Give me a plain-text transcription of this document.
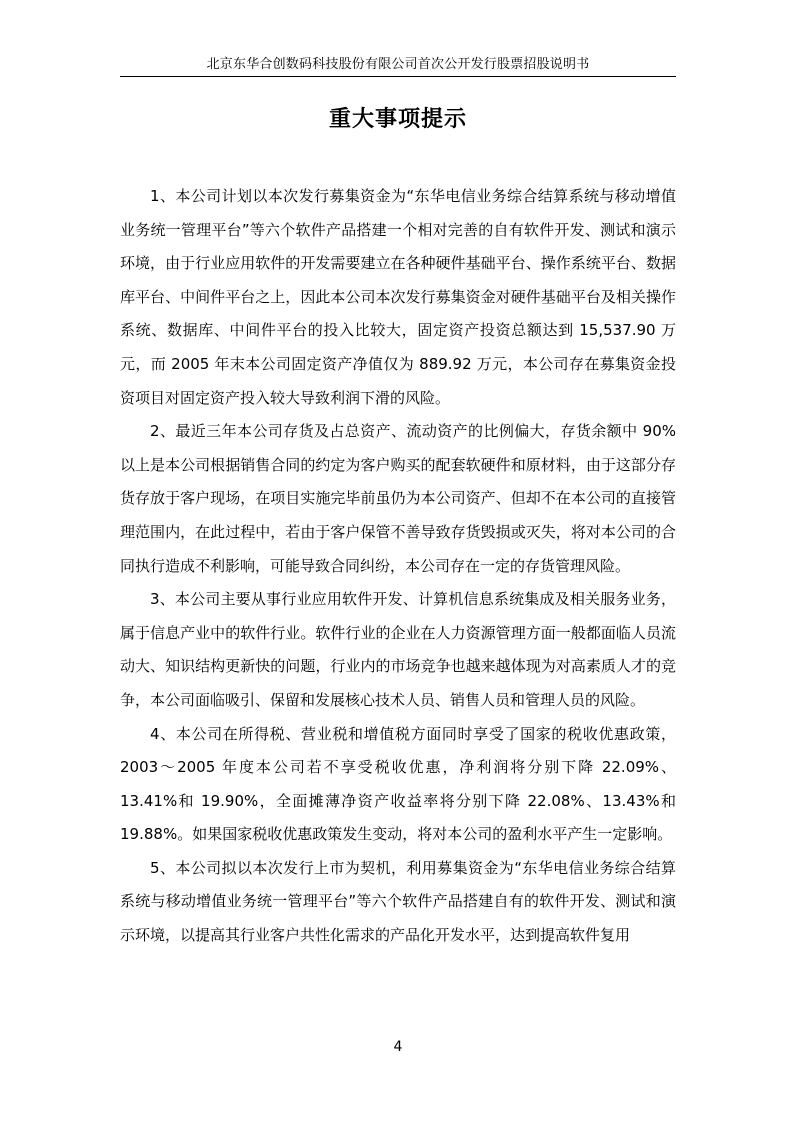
北京东华合创数码科技股份有限公司首次公开发行股票招股说明书
重大事项提示

1、本公司计划以本次发行募集资金为“东华电信业务综合结算系统与移动增值业务统一管理平台”等六个软件产品搭建一个相对完善的自有软件开发、测试和演示环境，由于行业应用软件的开发需要建立在各种硬件基础平台、操作系统平台、数据库平台、中间件平台之上，因此本公司本次发行募集资金对硬件基础平台及相关操作系统、数据库、中间件平台的投入比较大，固定资产投资总额达到 15,537.90 万元，而 2005 年末本公司固定资产净值仅为 889.92 万元，本公司存在募集资金投资项目对固定资产投入较大导致利润下滑的风险。

2、最近三年本公司存货及占总资产、流动资产的比例偏大，存货余额中 90%以上是本公司根据销售合同的约定为客户购买的配套软硬件和原材料，由于这部分存货存放于客户现场，在项目实施完毕前虽仍为本公司资产、但却不在本公司的直接管理范围内，在此过程中，若由于客户保管不善导致存货毁损或灭失，将对本公司的合同执行造成不利影响，可能导致合同纠纷，本公司存在一定的存货管理风险。

3、本公司主要从事行业应用软件开发、计算机信息系统集成及相关服务业务，属于信息产业中的软件行业。软件行业的企业在人力资源管理方面一般都面临人员流动大、知识结构更新快的问题，行业内的市场竞争也越来越体现为对高素质人才的竞争，本公司面临吸引、保留和发展核心技术人员、销售人员和管理人员的风险。

4、本公司在所得税、营业税和增值税方面同时享受了国家的税收优惠政策，2003～2005 年度本公司若不享受税收优惠，净利润将分别下降 22.09%、13.41%和 19.90%，全面摊薄净资产收益率将分别下降 22.08%、13.43%和 19.88%。如果国家税收优惠政策发生变动，将对本公司的盈利水平产生一定影响。

5、本公司拟以本次发行上市为契机，利用募集资金为“东华电信业务综合结算系统与移动增值业务统一管理平台”等六个软件产品搭建自有的软件开发、测试和演示环境，以提高其行业客户共性化需求的产品化开发水平，达到提高软件复用

4
